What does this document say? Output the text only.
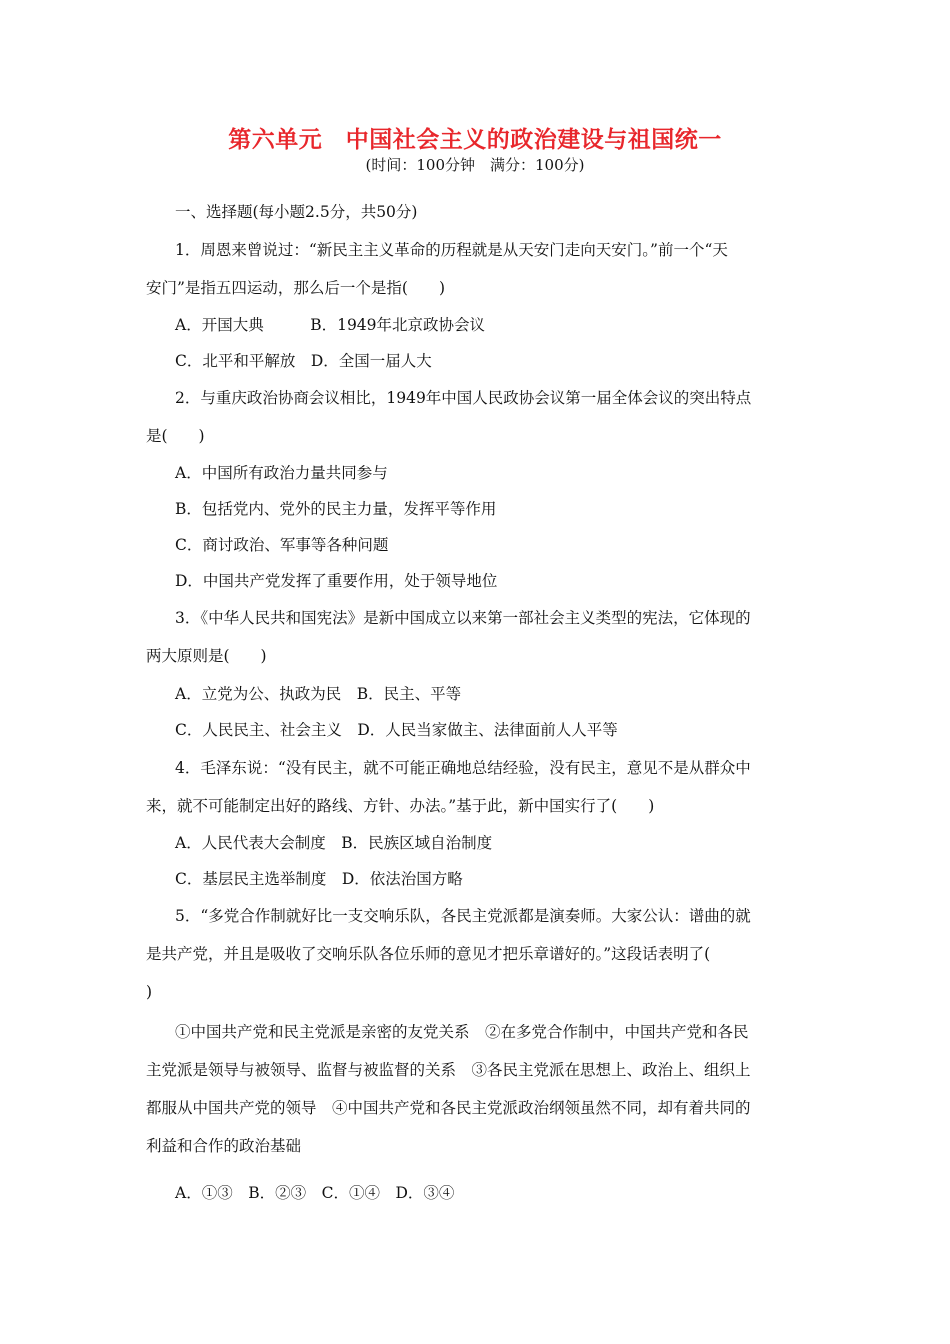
第六单元　中国社会主义的政治建设与祖国统一
(时间：100分钟　满分：100分)
一、选择题(每小题2.5分，共50分)
1．周恩来曾说过：“新民主主义革命的历程就是从天安门走向天安门。”前一个“天
安门”是指五四运动，那么后一个是指(　　)
A．开国大典　　　B．1949年北京政协会议
C．北平和平解放　D．全国一届人大
2．与重庆政治协商会议相比，1949年中国人民政协会议第一届全体会议的突出特点
是(　　)
A．中国所有政治力量共同参与
B．包括党内、党外的民主力量，发挥平等作用
C．商讨政治、军事等各种问题
D．中国共产党发挥了重要作用，处于领导地位
3．《中华人民共和国宪法》是新中国成立以来第一部社会主义类型的宪法，它体现的
两大原则是(　　)
A．立党为公、执政为民　B．民主、平等
C．人民民主、社会主义　D．人民当家做主、法律面前人人平等
4．毛泽东说：“没有民主，就不可能正确地总结经验，没有民主，意见不是从群众中
来，就不可能制定出好的路线、方针、办法。”基于此，新中国实行了(　　)
A．人民代表大会制度　B．民族区域自治制度
C．基层民主选举制度　D．依法治国方略
5．“多党合作制就好比一支交响乐队，各民主党派都是演奏师。大家公认：谱曲的就
是共产党，并且是吸收了交响乐队各位乐师的意见才把乐章谱好的。”这段话表明了(
)
①中国共产党和民主党派是亲密的友党关系　②在多党合作制中，中国共产党和各民
主党派是领导与被领导、监督与被监督的关系　③各民主党派在思想上、政治上、组织上
都服从中国共产党的领导　④中国共产党和各民主党派政治纲领虽然不同，却有着共同的
利益和合作的政治基础
A．①③　B．②③　C．①④　D．③④
